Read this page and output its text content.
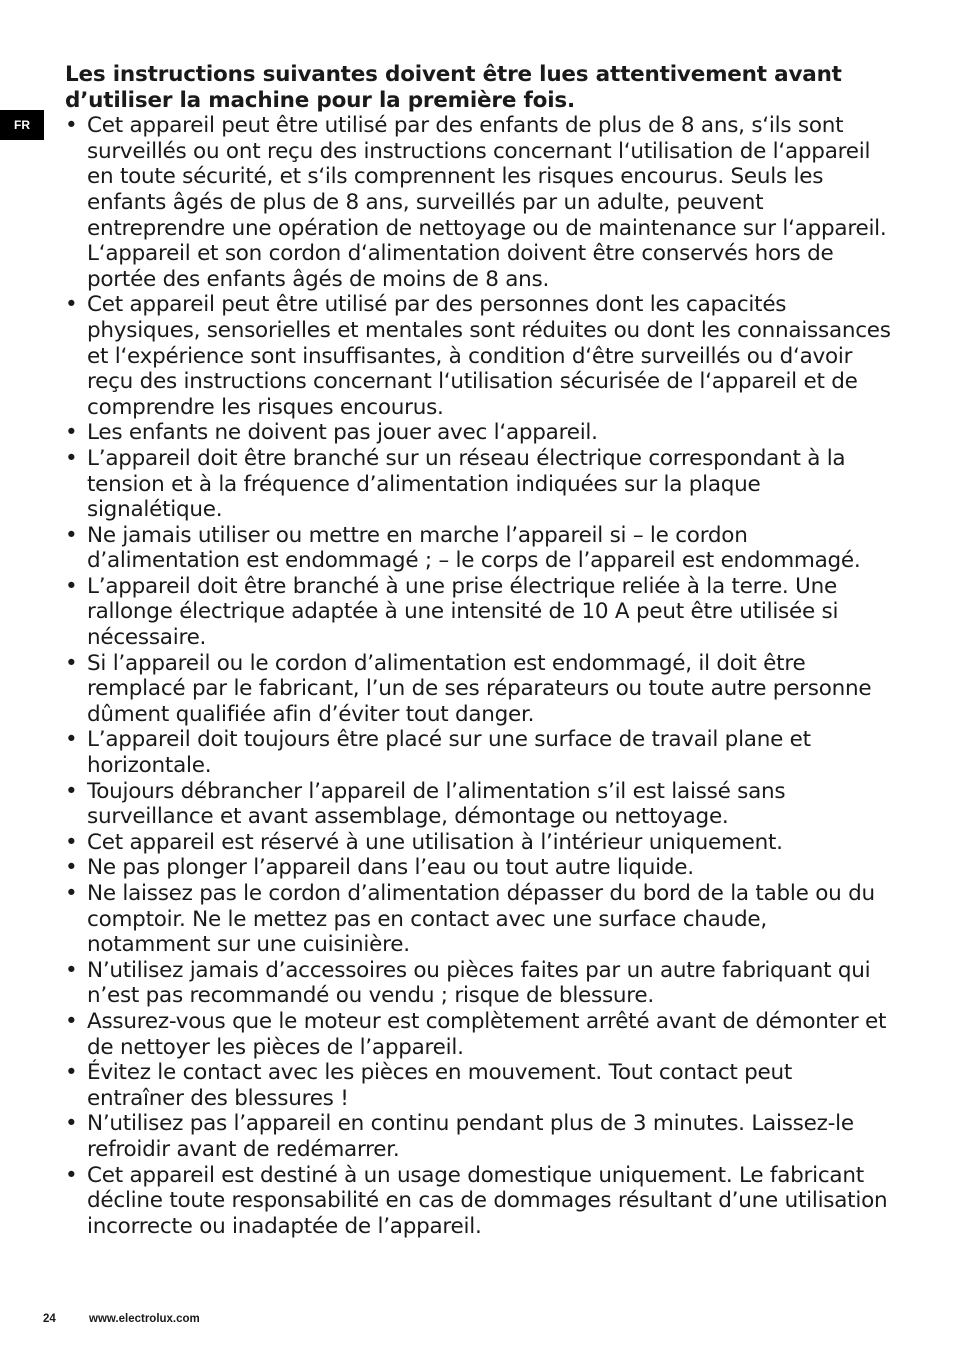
FR
Les instructions suivantes doivent être lues attentivement avant d’utiliser la machine pour la première fois.
• Cet appareil peut être utilisé par des enfants de plus de 8 ans, s‘ils sont surveillés ou ont reçu des instructions concernant l‘utilisation de l‘appareil en toute sécurité, et s‘ils comprennent les risques encourus. Seuls les enfants âgés de plus de 8 ans, surveillés par un adulte, peuvent entreprendre une opération de nettoyage ou de maintenance sur l‘appareil. L‘appareil et son cordon d‘alimentation doivent être conservés hors de portée des enfants âgés de moins de 8 ans.
• Cet appareil peut être utilisé par des personnes dont les capacités physiques, sensorielles et mentales sont réduites ou dont les connaissances et l‘expérience sont insuffisantes, à condition d‘être surveillés ou d‘avoir reçu des instructions concernant l‘utilisation sécurisée de l‘appareil et de comprendre les risques encourus.
• Les enfants ne doivent pas jouer avec l‘appareil.
• L’appareil doit être branché sur un réseau électrique correspondant à la tension et à la fréquence d’alimentation indiquées sur la plaque signalétique.
• Ne jamais utiliser ou mettre en marche l’appareil si – le cordon d’alimentation est endommagé ; – le corps de l’appareil est endommagé.
• L’appareil doit être branché à une prise électrique reliée à la terre. Une rallonge électrique adaptée à une intensité de 10 A peut être utilisée si nécessaire.
• Si l’appareil ou le cordon d’alimentation est endommagé, il doit être remplacé par le fabricant, l’un de ses réparateurs ou toute autre personne dûment qualifiée afin d’éviter tout danger.
• L’appareil doit toujours être placé sur une surface de travail plane et horizontale.
• Toujours débrancher l’appareil de l’alimentation s’il est laissé sans surveillance et avant assemblage, démontage ou nettoyage.
• Cet appareil est réservé à une utilisation à l’intérieur uniquement.
• Ne pas plonger l’appareil dans l’eau ou tout autre liquide.
• Ne laissez pas le cordon d’alimentation dépasser du bord de la table ou du comptoir. Ne le mettez pas en contact avec une surface chaude, notamment sur une cuisinière.
• N’utilisez jamais d’accessoires ou pièces faites par un autre fabriquant qui n’est pas recommandé ou vendu ; risque de blessure.
• Assurez-vous que le moteur est complètement arrêté avant de démonter et de nettoyer les pièces de l’appareil.
• Évitez le contact avec les pièces en mouvement. Tout contact peut entraîner des blessures !
• N’utilisez pas l’appareil en continu pendant plus de 3 minutes. Laissez-le refroidir avant de redémarrer.
• Cet appareil est destiné à un usage domestique uniquement. Le fabricant décline toute responsabilité en cas de dommages résultant d’une utilisation incorrecte ou inadaptée de l’appareil.
24	www.electrolux.com
